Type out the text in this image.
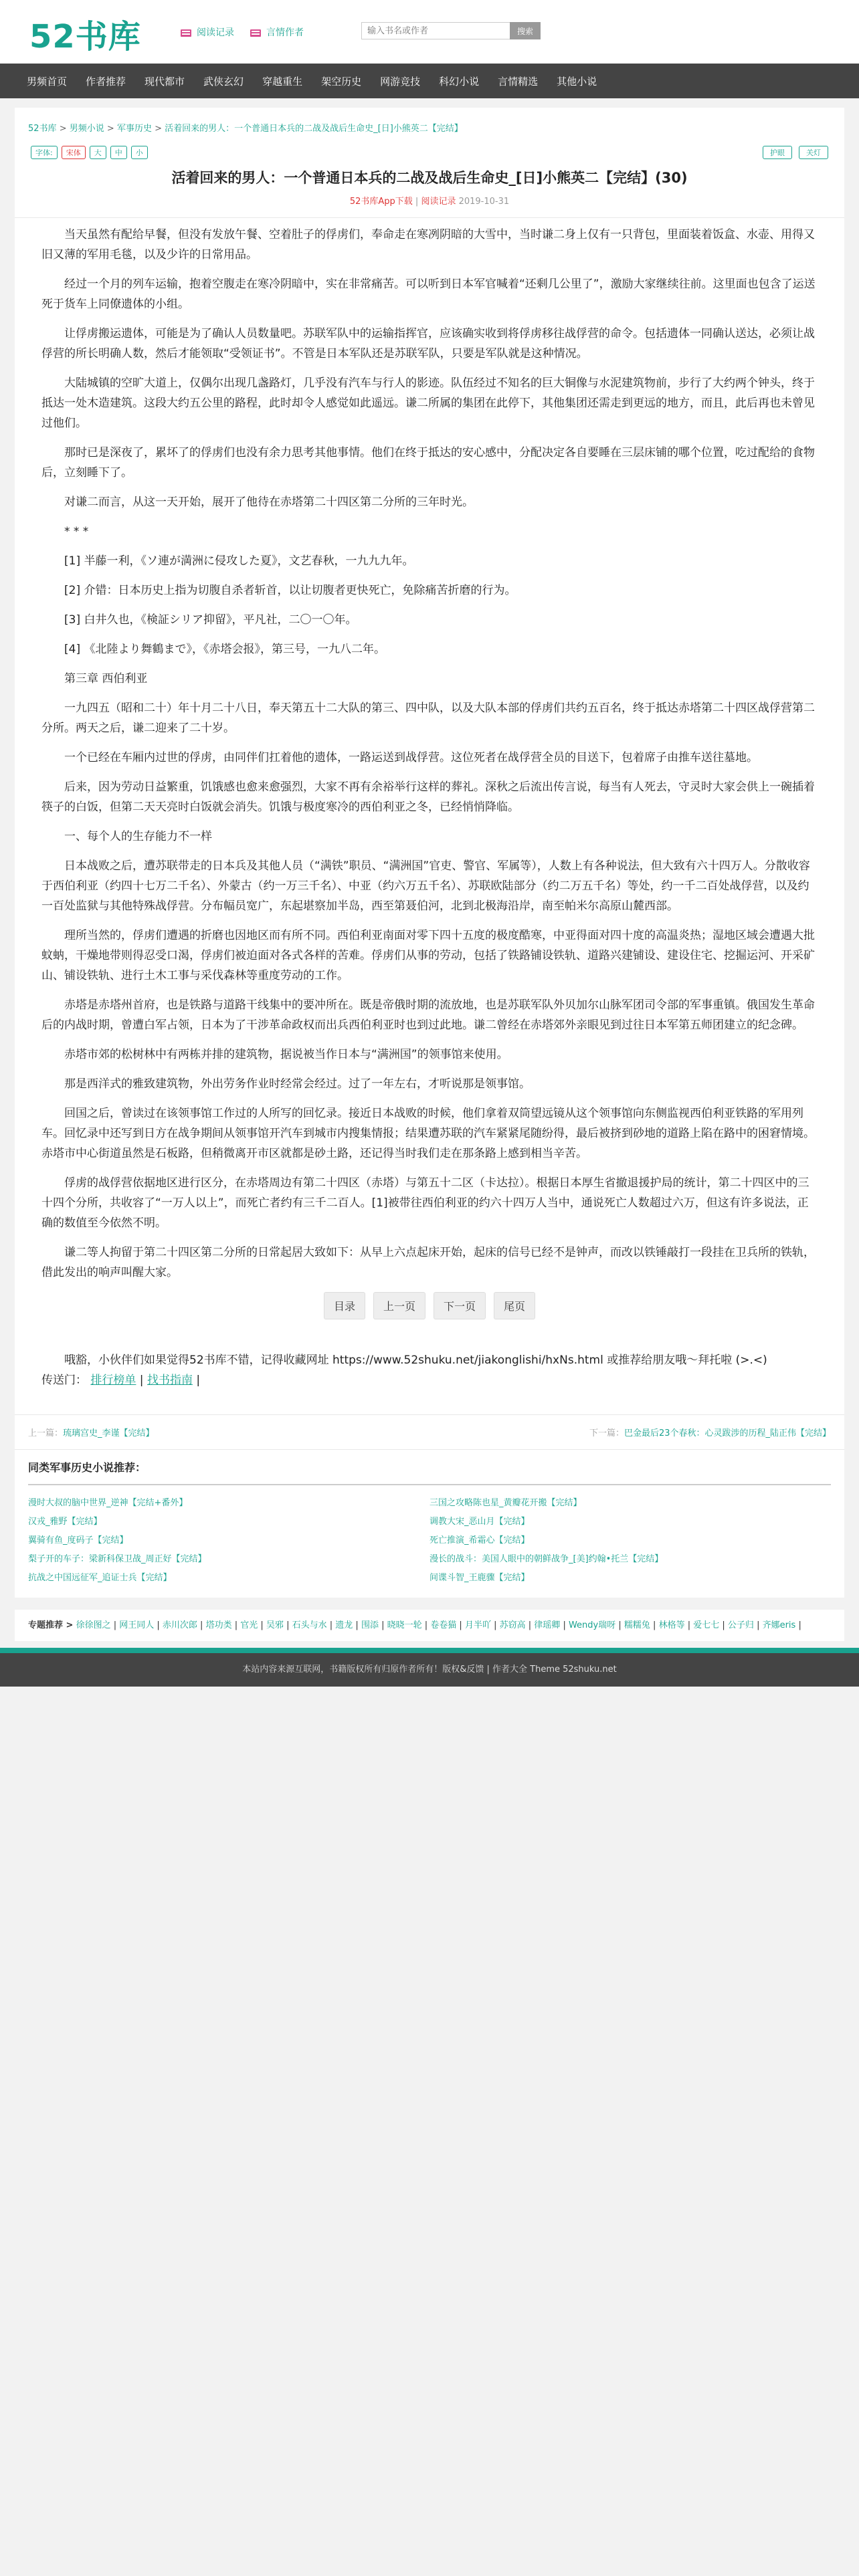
52书库	阅读记录	言情作者
输入书名或作者	搜索
男频首页 作者推荐 现代都市 武侠玄幻 穿越重生 架空历史 网游竞技 科幻小说 言情精选 其他小说
52书库 > 男频小说 > 军事历史 > 活着回来的男人：一个普通日本兵的二战及战后生命史_[日]小熊英二【完结】
字体:	宋体	大	中	小	护眼	关灯
活着回来的男人：一个普通日本兵的二战及战后生命史_[日]小熊英二【完结】(30)
52书库App下载 | 阅读记录 2019-10-31

当天虽然有配给早餐，但没有发放午餐、空着肚子的俘虏们，奉命走在寒冽阴暗的大雪中，当时谦二身上仅有一只背包，里面装着饭盒、水壶、用得又旧又薄的军用毛毯，以及少许的日常用品。

经过一个月的列车运输，抱着空腹走在寒冷阴暗中，实在非常痛苦。可以听到日本军官喊着“还剩几公里了”，激励大家继续往前。这里面也包含了运送死于货车上同僚遗体的小组。

让俘虏搬运遗体，可能是为了确认人员数量吧。苏联军队中的运输指挥官，应该确实收到将俘虏移往战俘营的命令。包括遗体一同确认送达，必须让战俘营的所长明确人数，然后才能领取“受领证书”。不管是日本军队还是苏联军队，只要是军队就是这种情况。

大陆城镇的空旷大道上，仅偶尔出现几盏路灯，几乎没有汽车与行人的影迹。队伍经过不知名的巨大铜像与水泥建筑物前，步行了大约两个钟头，终于抵达一处木造建筑。这段大约五公里的路程，此时却令人感觉如此遥远。谦二所属的集团在此停下，其他集团还需走到更远的地方，而且，此后再也未曾见过他们。

那时已是深夜了，累坏了的俘虏们也没有余力思考其他事情。他们在终于抵达的安心感中，分配决定各自要睡在三层床铺的哪个位置，吃过配给的食物后，立刻睡下了。

对谦二而言，从这一天开始，展开了他待在赤塔第二十四区第二分所的三年时光。

* * *

[1] 半藤一利，《ソ連が満洲に侵攻した夏》，文艺春秋，一九九九年。

[2] 介错：日本历史上指为切腹自杀者斩首，以让切腹者更快死亡，免除痛苦折磨的行为。

[3] 白井久也，《検証シリア抑留》，平凡社，二〇一〇年。

[4] 《北陸より舞鶴まで》，《赤塔会报》，第三号，一九八二年。

第三章 西伯利亚

一九四五（昭和二十）年十月二十八日，奉天第五十二大队的第三、四中队，以及大队本部的俘虏们共约五百名，终于抵达赤塔第二十四区战俘营第二分所。两天之后，谦二迎来了二十岁。

一个已经在车厢内过世的俘虏，由同伴们扛着他的遗体，一路运送到战俘营。这位死者在战俘营全员的目送下，包着席子由推车送往墓地。

后来，因为劳动日益繁重，饥饿感也愈来愈强烈，大家不再有余裕举行这样的葬礼。深秋之后流出传言说，每当有人死去，守灵时大家会供上一碗插着筷子的白饭，但第二天天亮时白饭就会消失。饥饿与极度寒冷的西伯利亚之冬，已经悄悄降临。

一、每个人的生存能力不一样

日本战败之后，遭苏联带走的日本兵及其他人员（“满铁”职员、“满洲国”官吏、警官、军属等），人数上有各种说法，但大致有六十四万人。分散收容于西伯利亚（约四十七万二千名）、外蒙古（约一万三千名）、中亚（约六万五千名）、苏联欧陆部分（约二万五千名）等处，约一千二百处战俘营，以及约一百处监狱与其他特殊战俘营。分布幅员宽广，东起堪察加半岛，西至第聂伯河，北到北极海沿岸，南至帕米尔高原山麓西部。

理所当然的，俘虏们遭遇的折磨也因地区而有所不同。西伯利亚南面对零下四十五度的极度酷寒，中亚得面对四十度的高温炎热；湿地区域会遭遇大批蚊蚋，干燥地带则得忍受口渴，俘虏们被迫面对各式各样的苦难。俘虏们从事的劳动，包括了铁路铺设铁轨、道路兴建铺设、建设住宅、挖掘运河、开采矿山、铺设铁轨、进行土木工事与采伐森林等重度劳动的工作。

赤塔是赤塔州首府，也是铁路与道路干线集中的要冲所在。既是帝俄时期的流放地，也是苏联军队外贝加尔山脉军团司令部的军事重镇。俄国发生革命后的内战时期，曾遭白军占领，日本为了干涉革命政权而出兵西伯利亚时也到过此地。谦二曾经在赤塔郊外亲眼见到过往日本军第五师团建立的纪念碑。

赤塔市郊的松树林中有两栋并排的建筑物，据说被当作日本与“满洲国”的领事馆来使用。

那是西洋式的雅致建筑物，外出劳务作业时经常会经过。过了一年左右，才听说那是领事馆。

回国之后，曾读过在该领事馆工作过的人所写的回忆录。接近日本战败的时候，他们拿着双筒望远镜从这个领事馆向东侧监视西伯利亚铁路的军用列车。回忆录中还写到日方在战争期间从领事馆开汽车到城市内搜集情报；结果遭苏联的汽车紧紧尾随纷得，最后被挤到砂地的道路上陷在路中的困窘情境。赤塔市中心街道虽然是石板路，但稍微离开市区就都是砂土路，还记得当时我们走在那条路上感到相当辛苦。

俘虏的战俘营依据地区进行区分，在赤塔周边有第二十四区（赤塔）与第五十二区（卡达拉）。根据日本厚生省撤退援护局的统计，第二十四区中的三十四个分所，共收容了“一万人以上”，而死亡者约有三千二百人。[1]被带往西伯利亚的约六十四万人当中，通说死亡人数超过六万，但这有许多说法，正确的数值至今依然不明。

谦二等人拘留于第二十四区第二分所的日常起居大致如下：从早上六点起床开始，起床的信号已经不是钟声，而改以铁锤敲打一段挂在卫兵所的铁轨，借此发出的响声叫醒大家。

目录	上一页	下一页	尾页
哦豁，小伙伴们如果觉得52书库不错，记得收藏网址 https://www.52shuku.net/jiakonglishi/hxNs.html 或推荐给朋友哦～拜托啦 (>.<)
传送门： 排行榜单 | 找书指南 |
上一篇：琉璃宫史_李谨【完结】	下一篇：巴金最后23个春秋：心灵跋涉的历程_陆正伟【完结】
同类军事历史小说推荐：
漫时大叔的脑中世界_逆神【完结+番外】	三国之攻略陈也星_黄瓣花开搬【完结】
汉戎_雅野【完结】	调教大宋_恶山月【完结】
翼骑有鱼_度码子【完结】	死亡推演_希霜心【完结】
梨子开的车子：梁新科保卫战_周正好【完结】	漫长的战斗：美国人眼中的朝鲜战争_[美]约翰•托兰【完结】
抗战之中国远征军_追证士兵【完结】	间谍斗智_王鹿骤【完结】
专题推荐 > 徐徐图之 | 网王同人 | 赤川次郎 | 塔功类 | 官光 | 吴邪 | 石头与水 | 遗龙 | 围添 | 晓晓一轮 | 卷卷猫 | 月半吖 | 苏窃高 | 律瑶卿 | Wendy瑞呀 | 糯糯兔 | 林格等 | 爱七七 | 公子归 | 齐娜eris |
本站内容来源互联网，书籍版权所有归原作者所有！版权&反馈 | 作者大全 Theme 52shuku.net
